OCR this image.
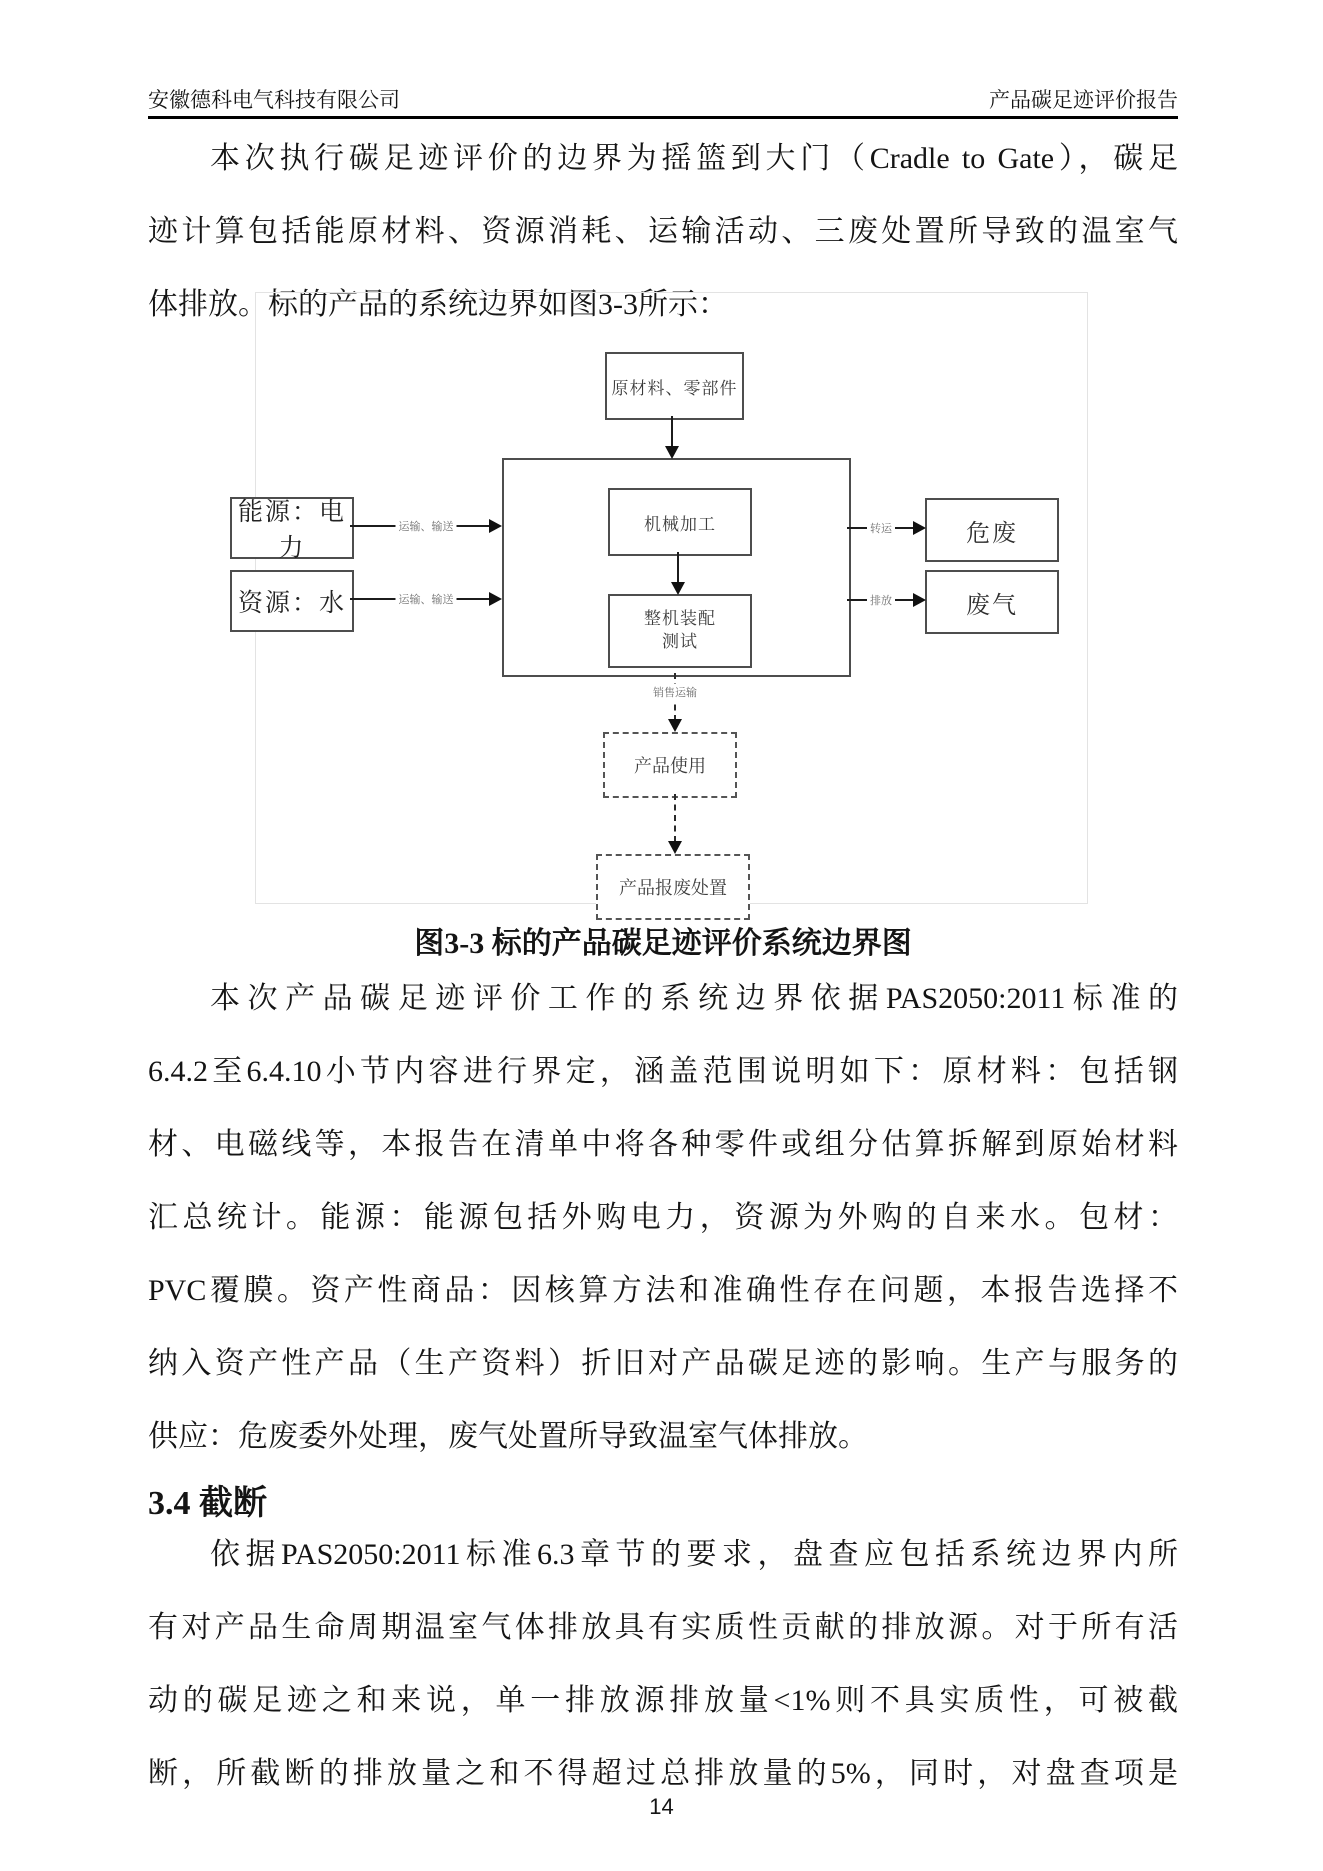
安徽德科电气科技有限公司	产品碳足迹评价报告
本次执行碳足迹评价的边界为摇篮到大门（Cradle to Gate），碳足
迹计算包括能原材料、资源消耗、运输活动、三废处置所导致的温室气
体排放。标的产品的系统边界如图3-3所示：
原材料、零部件
机械加工
整机装配
测试
能源：电力
资源：水
危废
废气
产品使用
产品报废处置
运输、输送
运输、输送
转运
排放
销售运输
图3-3 标的产品碳足迹评价系统边界图
本次产品碳足迹评价工作的系统边界依据PAS2050:2011标准的
6.4.2至6.4.10小节内容进行界定，涵盖范围说明如下：原材料：包括钢
材、电磁线等，本报告在清单中将各种零件或组分估算拆解到原始材料
汇总统计。能源：能源包括外购电力，资源为外购的自来水。包材：
PVC覆膜。资产性商品：因核算方法和准确性存在问题，本报告选择不
纳入资产性产品（生产资料）折旧对产品碳足迹的影响。生产与服务的
供应：危废委外处理，废气处置所导致温室气体排放。
3.4 截断
依据PAS2050:2011标准6.3章节的要求，盘查应包括系统边界内所
有对产品生命周期温室气体排放具有实质性贡献的排放源。对于所有活
动的碳足迹之和来说，单一排放源排放量<1%则不具实质性，可被截
断，所截断的排放量之和不得超过总排放量的5%，同时，对盘查项是
14
